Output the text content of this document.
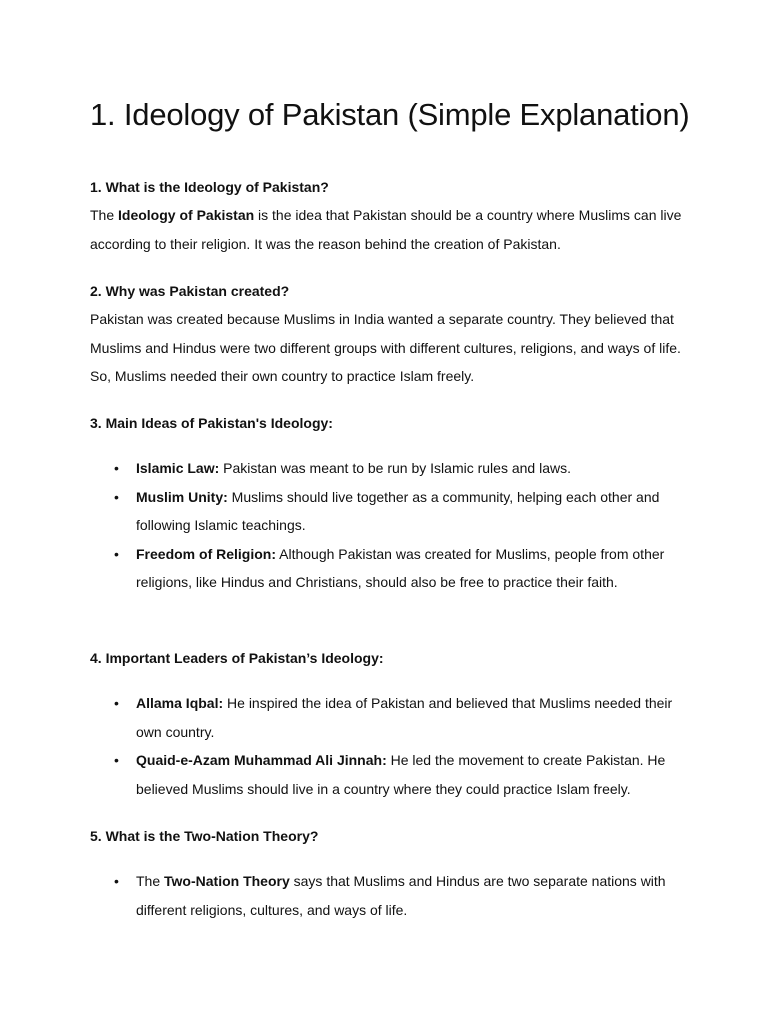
1. Ideology of Pakistan (Simple Explanation)

1. What is the Ideology of Pakistan?

The Ideology of Pakistan is the idea that Pakistan should be a country where Muslims can live according to their religion. It was the reason behind the creation of Pakistan.

2. Why was Pakistan created?

Pakistan was created because Muslims in India wanted a separate country. They believed that Muslims and Hindus were two different groups with different cultures, religions, and ways of life. So, Muslims needed their own country to practice Islam freely.

3. Main Ideas of Pakistan's Ideology:

• Islamic Law: Pakistan was meant to be run by Islamic rules and laws.
• Muslim Unity: Muslims should live together as a community, helping each other and following Islamic teachings.
• Freedom of Religion: Although Pakistan was created for Muslims, people from other religions, like Hindus and Christians, should also be free to practice their faith.

4. Important Leaders of Pakistan’s Ideology:

• Allama Iqbal: He inspired the idea of Pakistan and believed that Muslims needed their own country.
• Quaid-e-Azam Muhammad Ali Jinnah: He led the movement to create Pakistan. He believed Muslims should live in a country where they could practice Islam freely.

5. What is the Two-Nation Theory?

• The Two-Nation Theory says that Muslims and Hindus are two separate nations with different religions, cultures, and ways of life.
